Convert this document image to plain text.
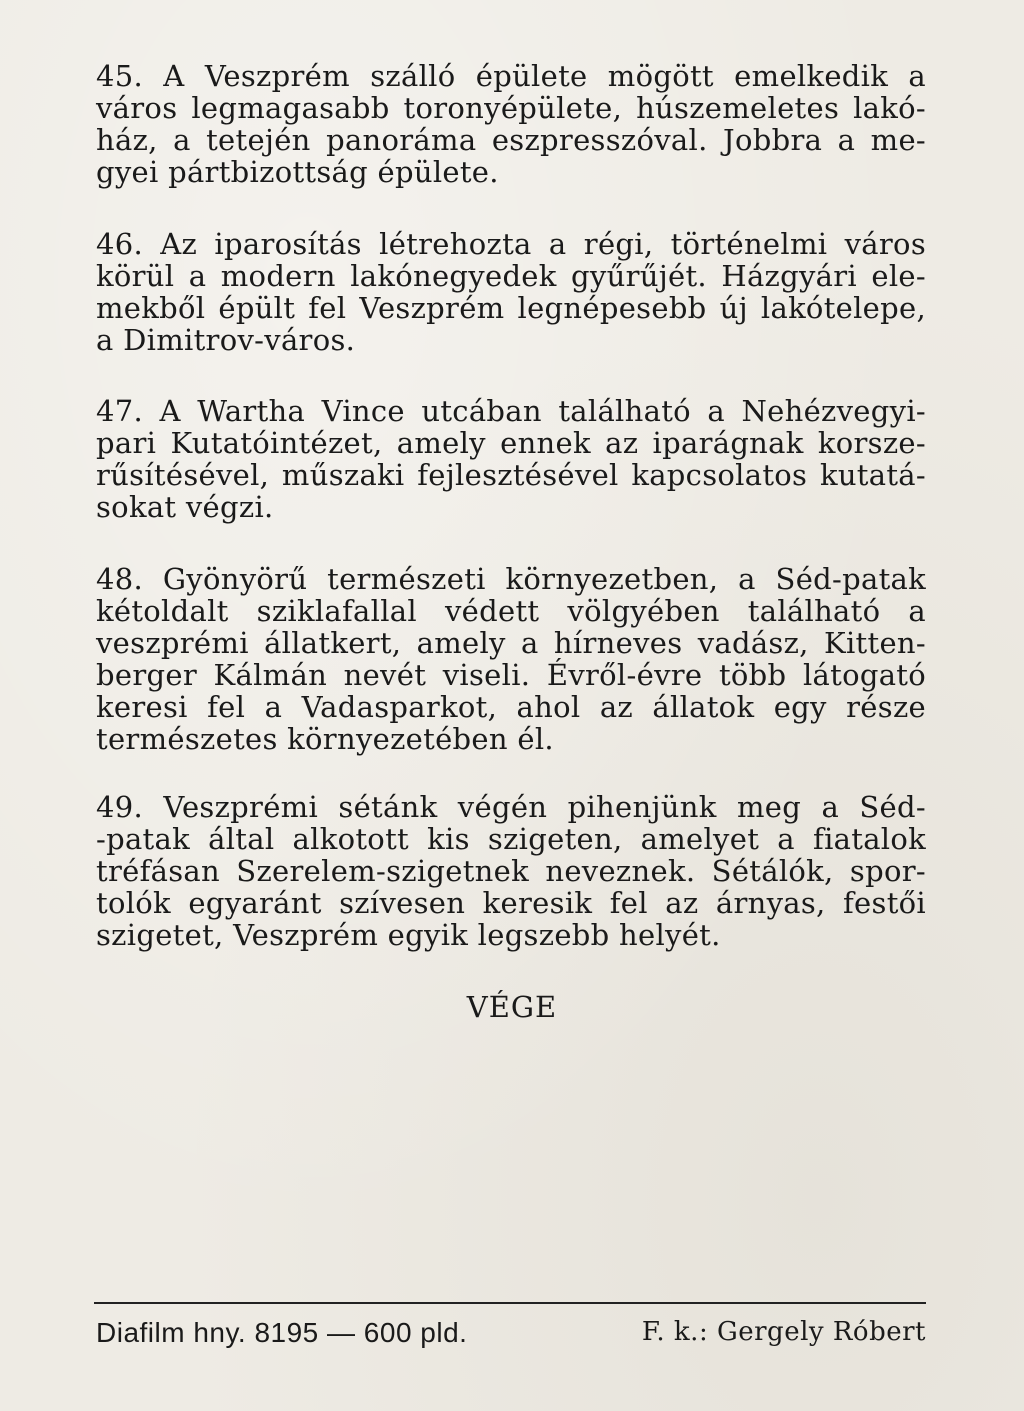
45. A Veszprém szálló épülete mögött emelkedik a
város legmagasabb toronyépülete, húszemeletes lakó-
ház, a tetején panoráma eszpresszóval. Jobbra a me-
gyei pártbizottság épülete.
46. Az iparosítás létrehozta a régi, történelmi város
körül a modern lakónegyedek gyűrűjét. Házgyári ele-
mekből épült fel Veszprém legnépesebb új lakótelepe,
a Dimitrov-város.
47. A Wartha Vince utcában található a Nehézvegyi-
pari Kutatóintézet, amely ennek az iparágnak korsze-
rűsítésével, műszaki fejlesztésével kapcsolatos kutatá-
sokat végzi.
48. Gyönyörű természeti környezetben, a Séd-patak
kétoldalt sziklafallal védett völgyében található a
veszprémi állatkert, amely a hírneves vadász, Kitten-
berger Kálmán nevét viseli. Évről-évre több látogató
keresi fel a Vadasparkot, ahol az állatok egy része
természetes környezetében él.
49. Veszprémi sétánk végén pihenjünk meg a Séd-
-patak által alkotott kis szigeten, amelyet a fiatalok
tréfásan Szerelem-szigetnek neveznek. Sétálók, spor-
tolók egyaránt szívesen keresik fel az árnyas, festői
szigetet, Veszprém egyik legszebb helyét.
VÉGE
Diafilm hny. 8195 — 600 pld.	F. k.: Gergely Róbert
